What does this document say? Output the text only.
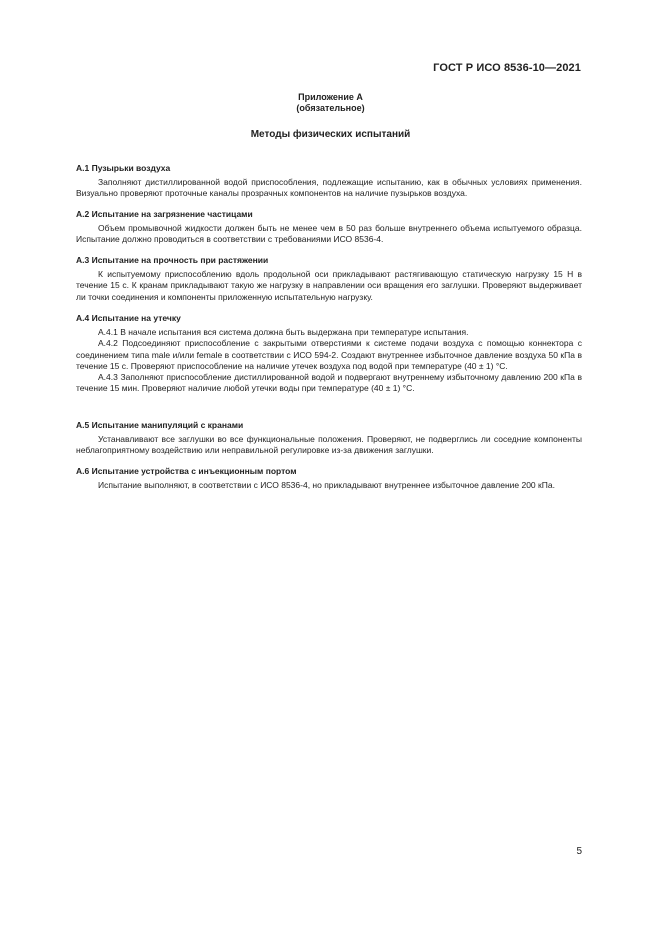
ГОСТ Р ИСО 8536-10—2021
Приложение А
(обязательное)
Методы физических испытаний
А.1 Пузырьки воздуха

Заполняют дистиллированной водой приспособления, подлежащие испытанию, как в обычных условиях применения. Визуально проверяют проточные каналы прозрачных компонентов на наличие пузырьков воздуха.

А.2 Испытание на загрязнение частицами

Объем промывочной жидкости должен быть не менее чем в 50 раз больше внутреннего объема испытуемого образца. Испытание должно проводиться в соответствии с требованиями ИСО 8536-4.

А.3 Испытание на прочность при растяжении

К испытуемому приспособлению вдоль продольной оси прикладывают растягивающую статическую нагрузку 15 Н в течение 15 с. К кранам прикладывают такую же нагрузку в направлении оси вращения его заглушки. Проверяют выдерживает ли точки соединения и компоненты приложенную испытательную нагрузку.

А.4 Испытание на утечку

А.4.1 В начале испытания вся система должна быть выдержана при температуре испытания.

А.4.2 Подсоединяют приспособление с закрытыми отверстиями к системе подачи воздуха с помощью коннектора с соединением типа male и/или female в соответствии с ИСО 594-2. Создают внутреннее избыточное давление воздуха 50 кПа в течение 15 с. Проверяют приспособление на наличие утечек воздуха под водой при температуре (40 ± 1) °С.

А.4.3 Заполняют приспособление дистиллированной водой и подвергают внутреннему избыточному давлению 200 кПа в течение 15 мин. Проверяют наличие любой утечки воды при температуре (40 ± 1) °С.

А.5 Испытание манипуляций с кранами

Устанавливают все заглушки во все функциональные положения. Проверяют, не подверглись ли соседние компоненты неблагоприятному воздействию или неправильной регулировке из-за движения заглушки.

А.6 Испытание устройства с инъекционным портом

Испытание выполняют, в соответствии с ИСО 8536-4, но прикладывают внутреннее избыточное давление 200 кПа.

5
